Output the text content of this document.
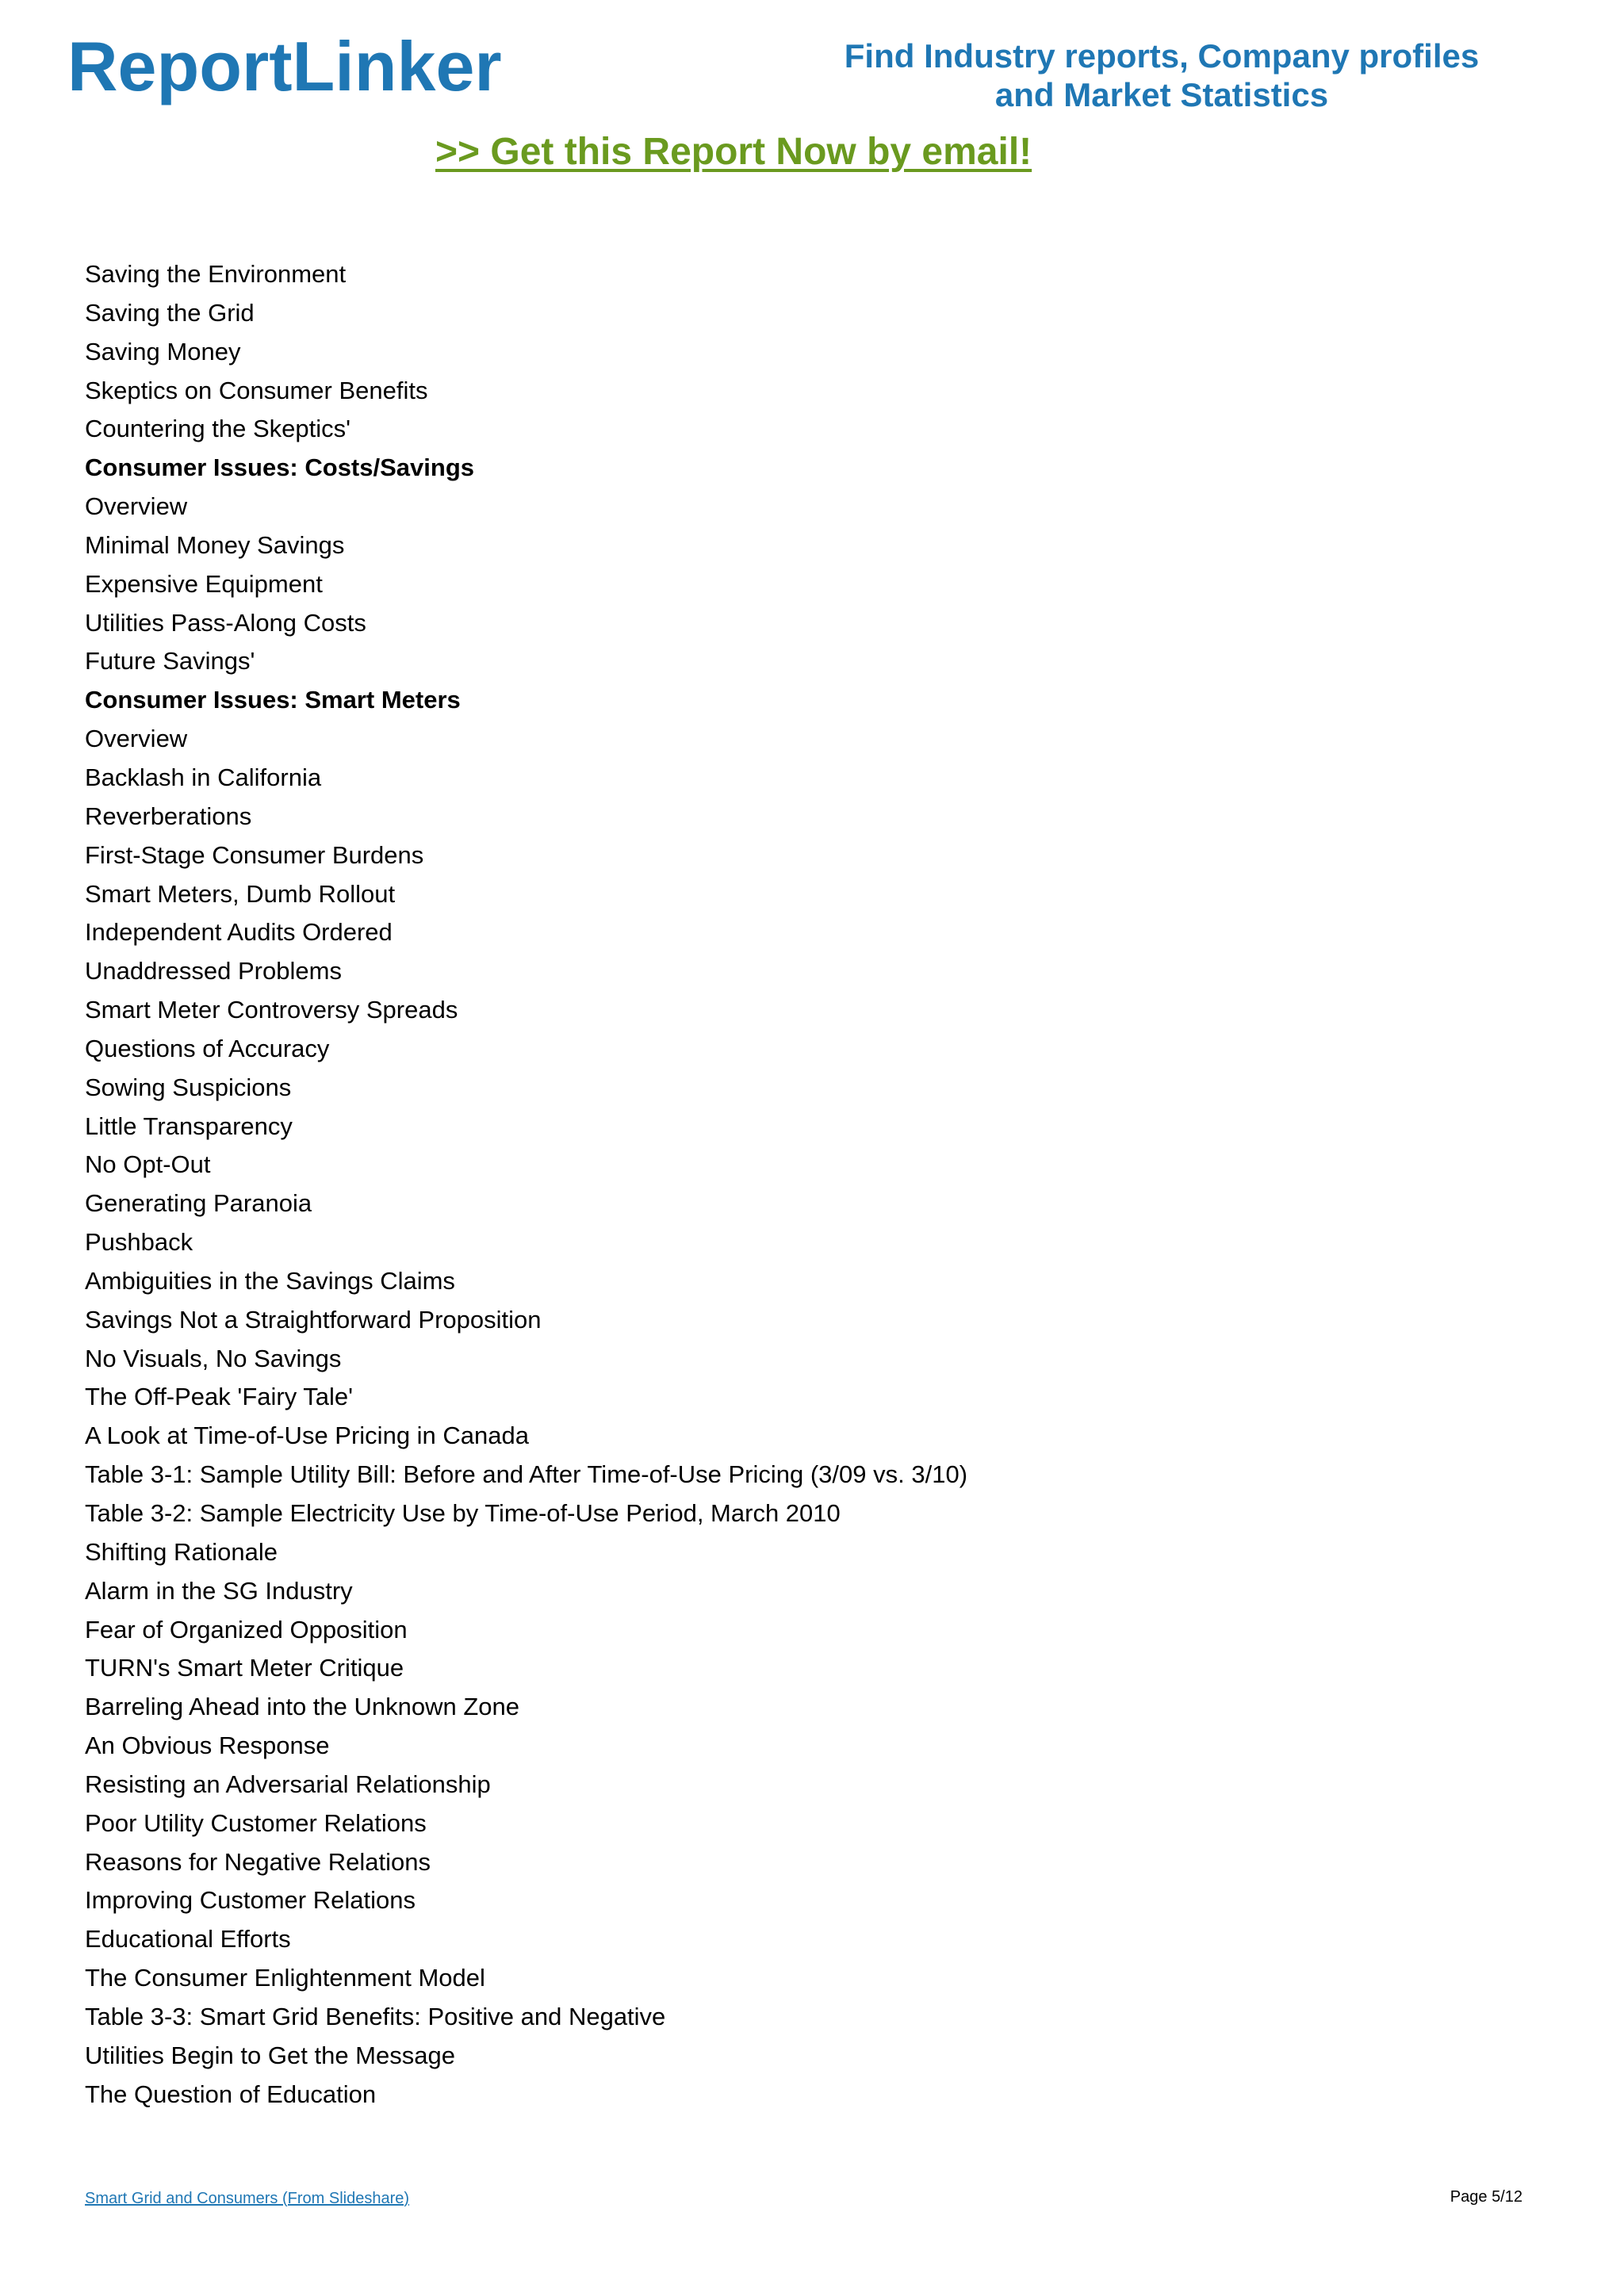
ReportLinker	Find Industry reports, Company profiles
and Market Statistics
>> Get this Report Now by email!
Saving the Environment
Saving the Grid
Saving Money
Skeptics on Consumer Benefits
Countering the Skeptics'
Consumer Issues: Costs/Savings
Overview
Minimal Money Savings
Expensive Equipment
Utilities Pass-Along Costs
Future Savings'
Consumer Issues: Smart Meters
Overview
Backlash in California
Reverberations
First-Stage Consumer Burdens
Smart Meters, Dumb Rollout
Independent Audits Ordered
Unaddressed Problems
Smart Meter Controversy Spreads
Questions of Accuracy
Sowing Suspicions
Little Transparency
No Opt-Out
Generating Paranoia
Pushback
Ambiguities in the Savings Claims
Savings Not a Straightforward Proposition
No Visuals, No Savings
The Off-Peak 'Fairy Tale'
A Look at Time-of-Use Pricing in Canada
Table 3-1: Sample Utility Bill: Before and After Time-of-Use Pricing (3/09 vs. 3/10)
Table 3-2: Sample Electricity Use by Time-of-Use Period, March 2010
Shifting Rationale
Alarm in the SG Industry
Fear of Organized Opposition
TURN's Smart Meter Critique
Barreling Ahead into the Unknown Zone
An Obvious Response
Resisting an Adversarial Relationship
Poor Utility Customer Relations
Reasons for Negative Relations
Improving Customer Relations
Educational Efforts
The Consumer Enlightenment Model
Table 3-3: Smart Grid Benefits: Positive and Negative
Utilities Begin to Get the Message
The Question of Education
Smart Grid and Consumers (From Slideshare)	Page 5/12
